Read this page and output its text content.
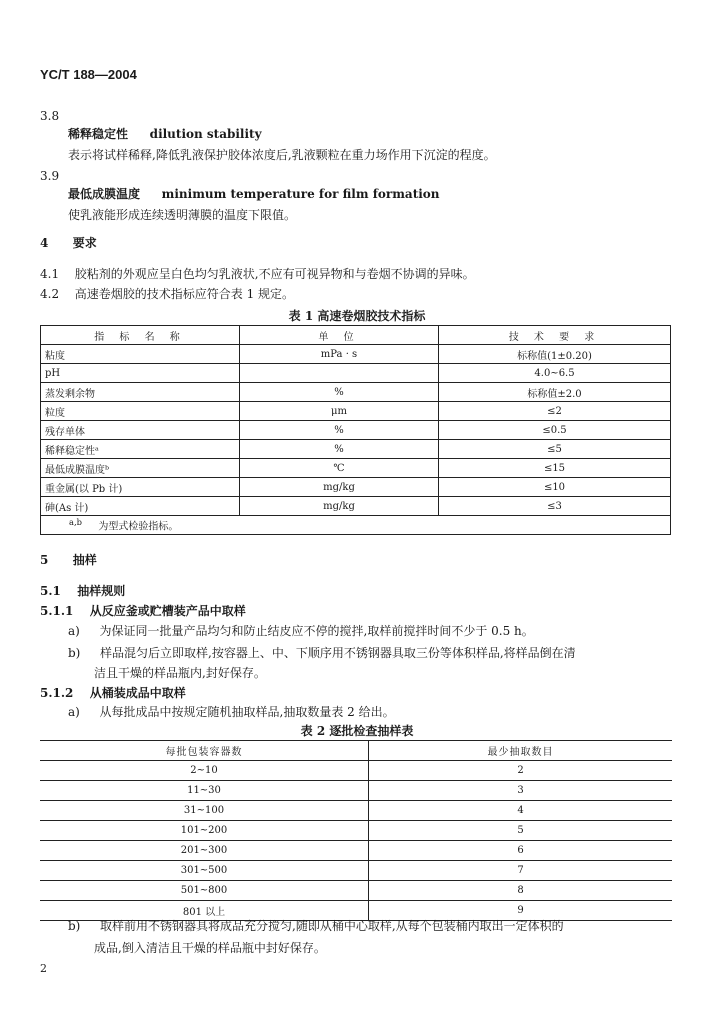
YC/T 188—2004
3.8
稀释稳定性 dilution stability
表示将试样稀释,降低乳液保护胶体浓度后,乳液颗粒在重力场作用下沉淀的程度。
3.9
最低成膜温度 minimum temperature for film formation
使乳液能形成连续透明薄膜的温度下限值。
4 要求
4.1 胶粘剂的外观应呈白色均匀乳液状,不应有可视异物和与卷烟不协调的异味。
4.2 高速卷烟胶的技术指标应符合表 1 规定。
表 1 高速卷烟胶技术指标
指 标 名 称	单 位	技 术 要 求
粘度	mPa · s	标称值(1±0.20)
pH		4.0~6.5
蒸发剩余物	%	标称值±2.0
粒度	μm	≤2
残存单体	%	≤0.5
稀释稳定性ᵃ	%	≤5
最低成膜温度ᵇ	℃	≤15
重金属(以 Pb 计)	mg/kg	≤10
砷(As 计)	mg/kg	≤3
$^{a,b}$ 为型式检验指标。		
5 抽样
5.1 抽样规则
5.1.1 从反应釜或贮槽装产品中取样
a) 为保证同一批量产品均匀和防止结皮应不停的搅拌,取样前搅拌时间不少于 0.5 h。
b) 样品混匀后立即取样,按容器上、中、下顺序用不锈钢器具取三份等体积样品,将样品倒在清
洁且干燥的样品瓶内,封好保存。
5.1.2 从桶装成品中取样
a) 从每批成品中按规定随机抽取样品,抽取数量表 2 给出。
表 2 逐批检查抽样表
每批包装容器数	最少抽取数目
2~10	2
11~30	3
31~100	4
101~200	5
201~300	6
301~500	7
501~800	8
801 以上	9
b) 取样前用不锈钢器具将成品充分搅匀,随即从桶中心取样,从每个包装桶内取出一定体积的
成品,倒入清洁且干燥的样品瓶中封好保存。
2
